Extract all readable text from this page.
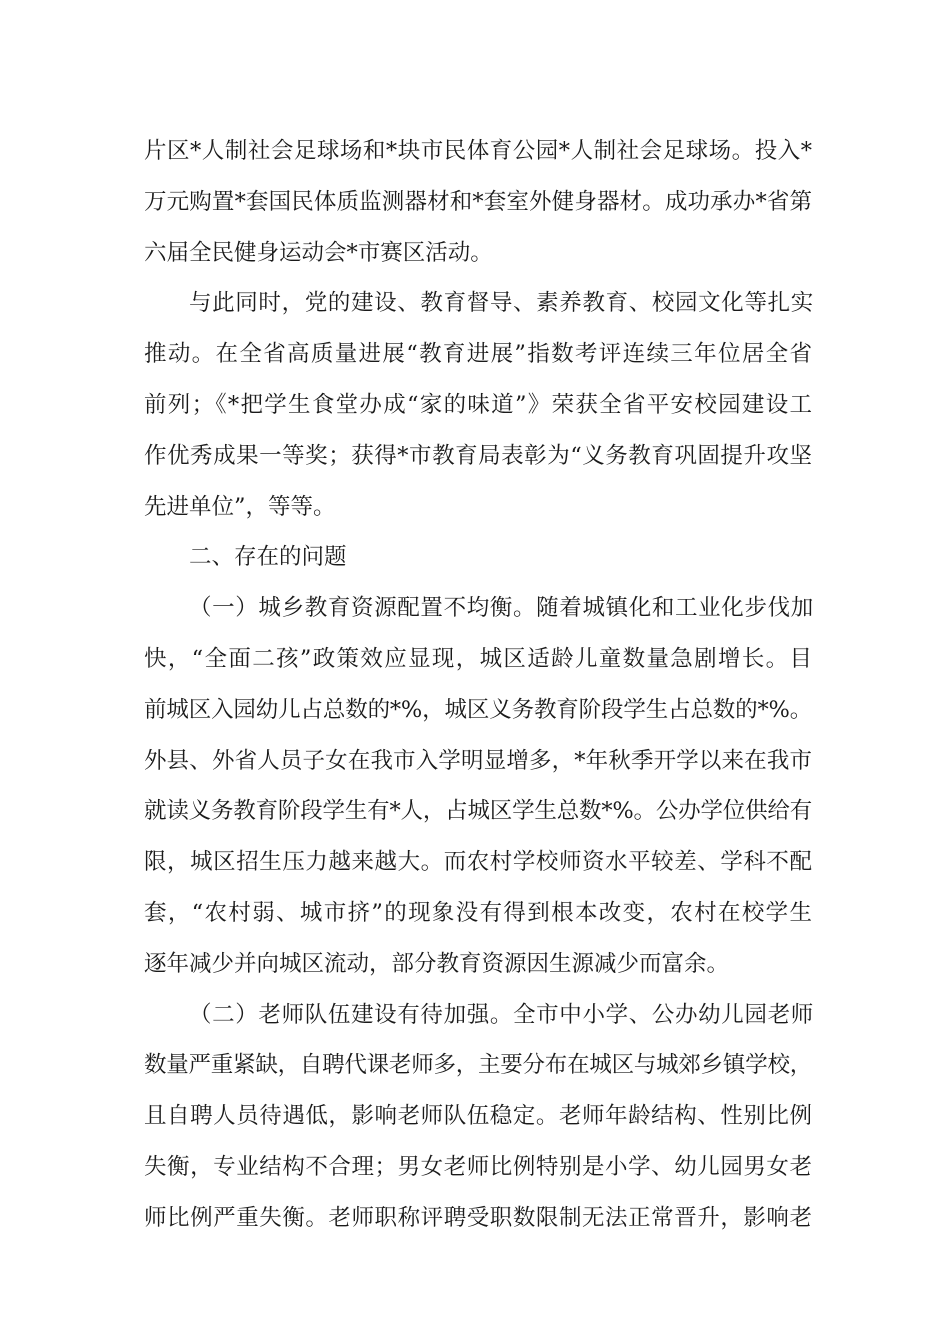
片区*人制社会足球场和*块市民体育公园*人制社会足球场。投入*
万元购置*套国民体质监测器材和*套室外健身器材。成功承办*省第
六届全民健身运动会*市赛区活动。
与此同时，党的建设、教育督导、素养教育、校园文化等扎实
推动。在全省高质量进展“教育进展”指数考评连续三年位居全省
前列；《*把学生食堂办成“家的味道”》荣获全省平安校园建设工
作优秀成果一等奖；获得*市教育局表彰为“义务教育巩固提升攻坚
先进单位”，等等。
二、存在的问题
（一）城乡教育资源配置不均衡。随着城镇化和工业化步伐加
快，“全面二孩”政策效应显现，城区适龄儿童数量急剧增长。目
前城区入园幼儿占总数的*%，城区义务教育阶段学生占总数的*%。
外县、外省人员子女在我市入学明显增多，*年秋季开学以来在我市
就读义务教育阶段学生有*人，占城区学生总数*%。公办学位供给有
限，城区招生压力越来越大。而农村学校师资水平较差、学科不配
套，“农村弱、城市挤”的现象没有得到根本改变，农村在校学生
逐年减少并向城区流动，部分教育资源因生源减少而富余。
（二）老师队伍建设有待加强。全市中小学、公办幼儿园老师
数量严重紧缺，自聘代课老师多，主要分布在城区与城郊乡镇学校，
且自聘人员待遇低，影响老师队伍稳定。老师年龄结构、性别比例
失衡，专业结构不合理；男女老师比例特别是小学、幼儿园男女老
师比例严重失衡。老师职称评聘受职数限制无法正常晋升，影响老
